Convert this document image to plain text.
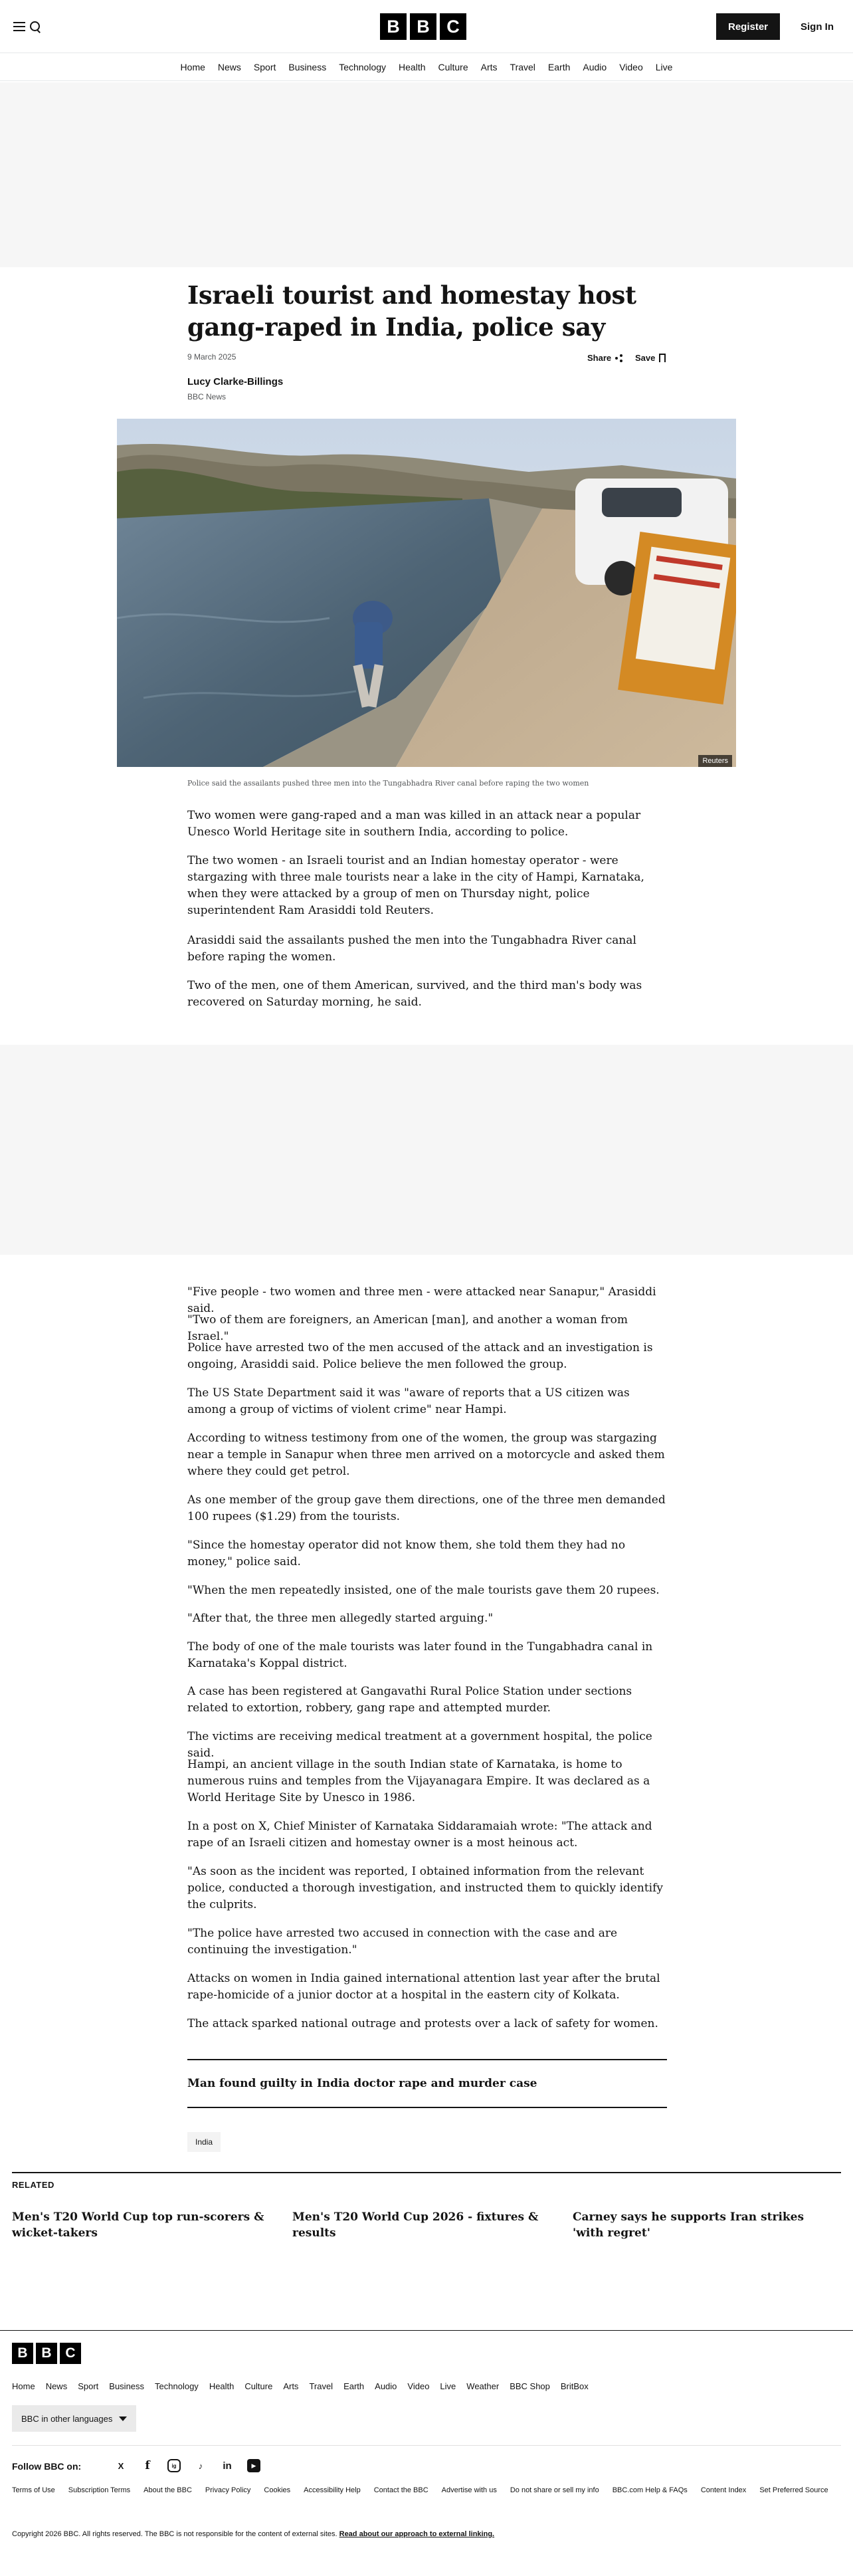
B B C	Register	Sign In
Home News Sport Business Technology Health Culture Arts Travel Earth Audio Video Live
Israeli tourist and homestay host gang-raped in India, police say
9 March 2025	Share	Save
Lucy Clarke-Billings
BBC News
Reuters
Police said the assailants pushed three men into the Tungabhadra River canal before raping the two women

Two women were gang-raped and a man was killed in an attack near a popular Unesco World Heritage site in southern India, according to police.

The two women - an Israeli tourist and an Indian homestay operator - were stargazing with three male tourists near a lake in the city of Hampi, Karnataka, when they were attacked by a group of men on Thursday night, police superintendent Ram Arasiddi told Reuters.

Arasiddi said the assailants pushed the men into the Tungabhadra River canal before raping the women.

Two of the men, one of them American, survived, and the third man's body was recovered on Saturday morning, he said.

"Five people - two women and three men - were attacked near Sanapur," Arasiddi said.

"Two of them are foreigners, an American [man], and another a woman from Israel."

Police have arrested two of the men accused of the attack and an investigation is ongoing, Arasiddi said. Police believe the men followed the group.

The US State Department said it was "aware of reports that a US citizen was among a group of victims of violent crime" near Hampi.

According to witness testimony from one of the women, the group was stargazing near a temple in Sanapur when three men arrived on a motorcycle and asked them where they could get petrol.

As one member of the group gave them directions, one of the three men demanded 100 rupees ($1.29) from the tourists.

"Since the homestay operator did not know them, she told them they had no money," police said.

"When the men repeatedly insisted, one of the male tourists gave them 20 rupees.

"After that, the three men allegedly started arguing."

The body of one of the male tourists was later found in the Tungabhadra canal in Karnataka's Koppal district.

A case has been registered at Gangavathi Rural Police Station under sections related to extortion, robbery, gang rape and attempted murder.

The victims are receiving medical treatment at a government hospital, the police said.

Hampi, an ancient village in the south Indian state of Karnataka, is home to numerous ruins and temples from the Vijayanagara Empire. It was declared as a World Heritage Site by Unesco in 1986.

In a post on X, Chief Minister of Karnataka Siddaramaiah wrote: "The attack and rape of an Israeli citizen and homestay owner is a most heinous act.

"As soon as the incident was reported, I obtained information from the relevant police, conducted a thorough investigation, and instructed them to quickly identify the culprits.

"The police have arrested two accused in connection with the case and are continuing the investigation."

Attacks on women in India gained international attention last year after the brutal rape-homicide of a junior doctor at a hospital in the eastern city of Kolkata.

The attack sparked national outrage and protests over a lack of safety for women.

Man found guilty in India doctor rape and murder case
India
RELATED
Men's T20 World Cup top run-scorers & wicket-takers
Men's T20 World Cup 2026 - fixtures & results
Carney says he supports Iran strikes 'with regret'
B B C
Home News Sport Business Technology Health Culture Arts Travel Earth Audio Video Live Weather BBC Shop BritBox
BBC in other languages
Follow BBC on:	X	f	ig	♪	in	▶
Terms of Use Subscription Terms About the BBC Privacy Policy Cookies Accessibility Help Contact the BBC Advertise with us Do not share or sell my info BBC.com Help & FAQs Content Index Set Preferred Source
Copyright 2026 BBC. All rights reserved. The BBC is not responsible for the content of external sites. Read about our approach to external linking.
